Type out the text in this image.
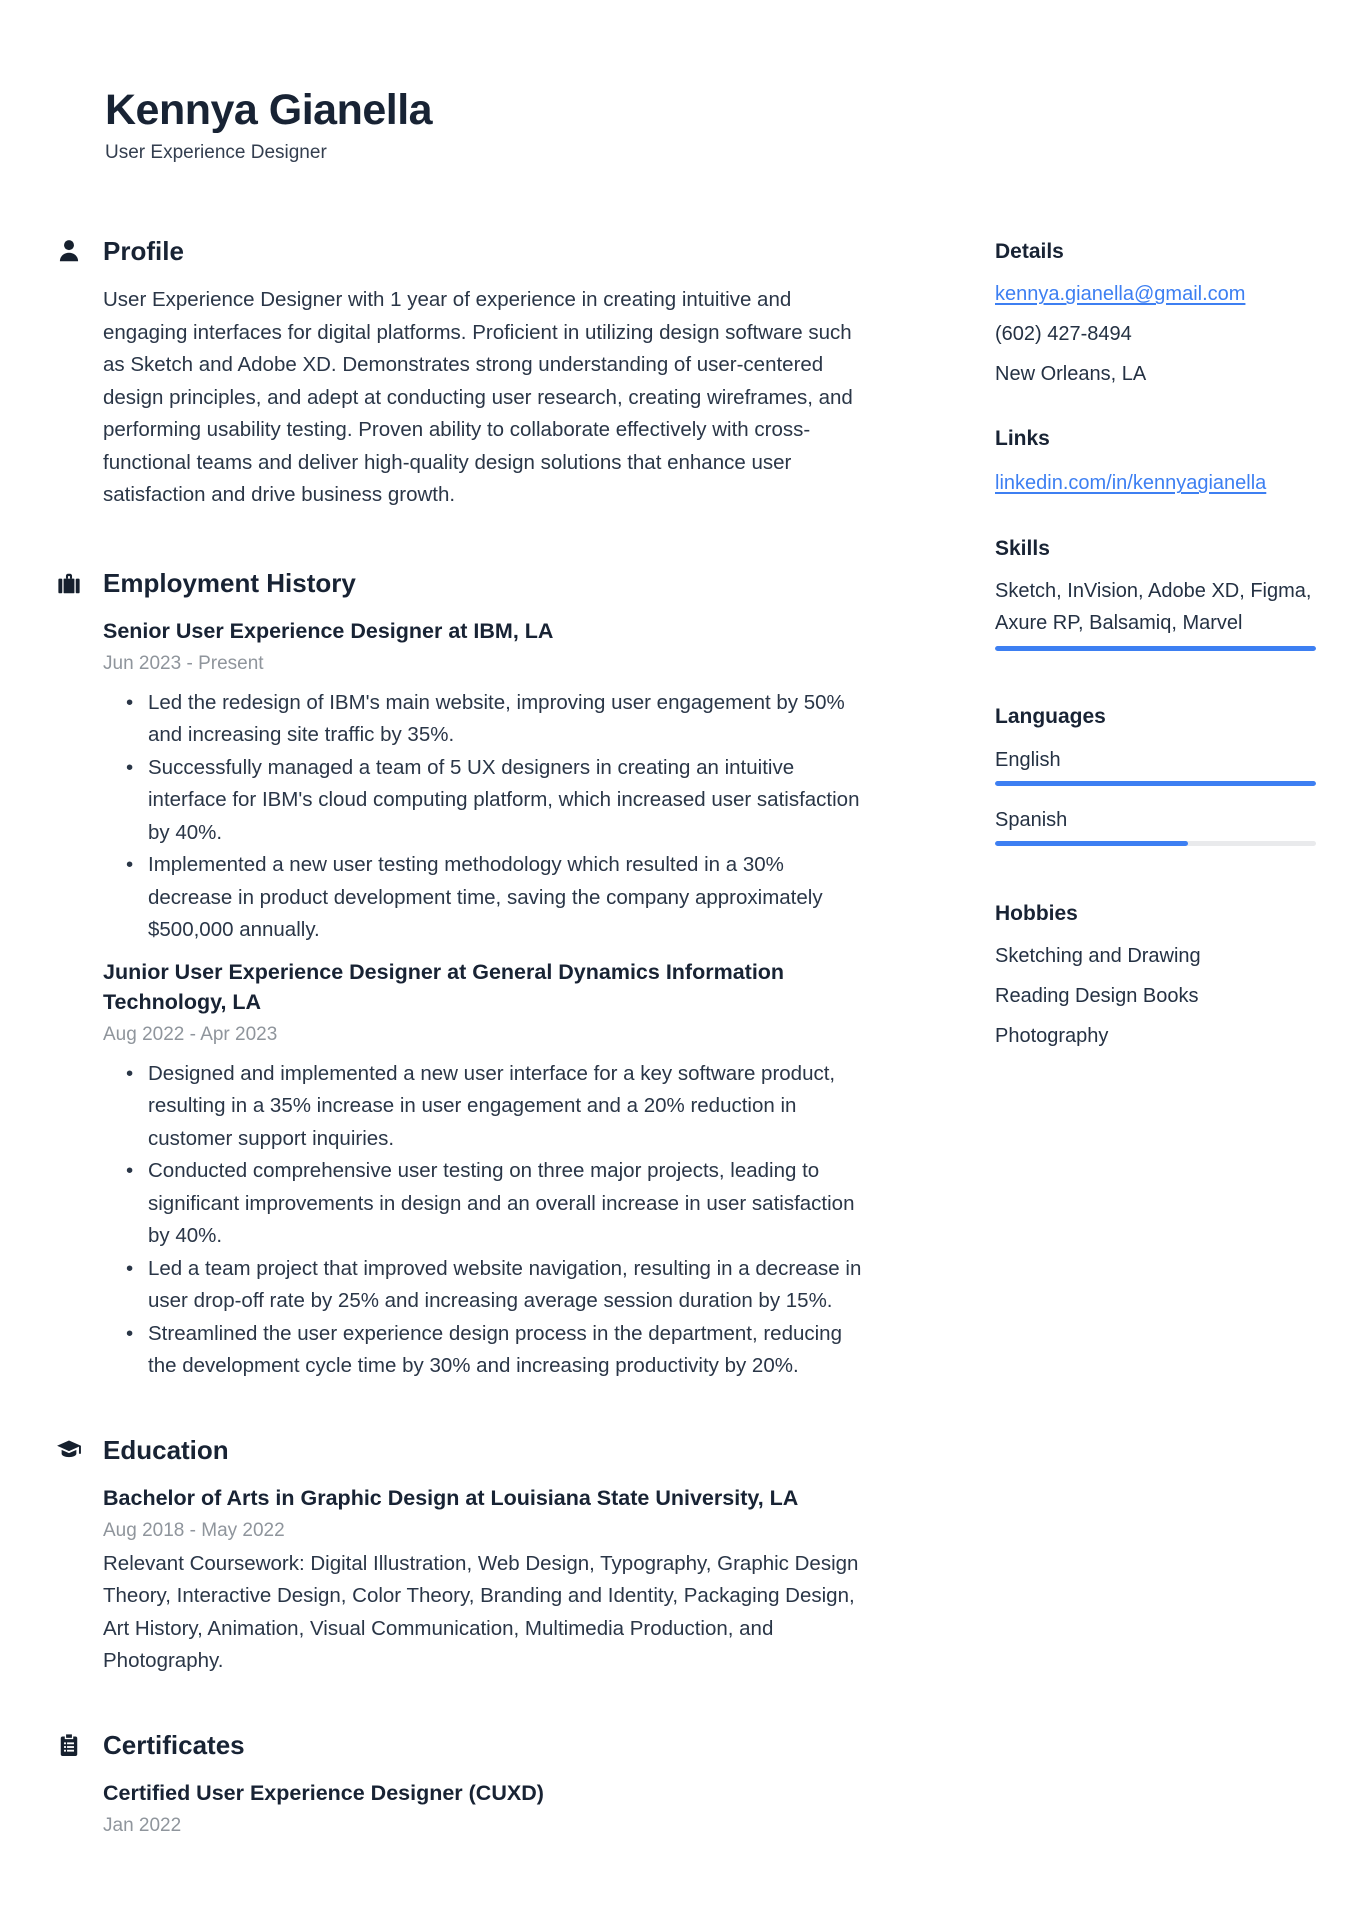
Kennya Gianella
User Experience Designer
Profile

User Experience Designer with 1 year of experience in creating intuitive and engaging interfaces for digital platforms. Proficient in utilizing design software such as Sketch and Adobe XD. Demonstrates strong understanding of user-centered design principles, and adept at conducting user research, creating wireframes, and performing usability testing. Proven ability to collaborate effectively with cross-functional teams and deliver high-quality design solutions that enhance user satisfaction and drive business growth.

Employment History
Senior User Experience Designer at IBM, LA
Jun 2023 - Present
• Led the redesign of IBM's main website, improving user engagement by 50% and increasing site traffic by 35%.
• Successfully managed a team of 5 UX designers in creating an intuitive interface for IBM's cloud computing platform, which increased user satisfaction by 40%.
• Implemented a new user testing methodology which resulted in a 30% decrease in product development time, saving the company approximately $500,000 annually.
Junior User Experience Designer at General Dynamics Information Technology, LA
Aug 2022 - Apr 2023
• Designed and implemented a new user interface for a key software product, resulting in a 35% increase in user engagement and a 20% reduction in customer support inquiries.
• Conducted comprehensive user testing on three major projects, leading to significant improvements in design and an overall increase in user satisfaction by 40%.
• Led a team project that improved website navigation, resulting in a decrease in user drop-off rate by 25% and increasing average session duration by 15%.
• Streamlined the user experience design process in the department, reducing the development cycle time by 30% and increasing productivity by 20%.
Education
Bachelor of Arts in Graphic Design at Louisiana State University, LA
Aug 2018 - May 2022

Relevant Coursework: Digital Illustration, Web Design, Typography, Graphic Design Theory, Interactive Design, Color Theory, Branding and Identity, Packaging Design, Art History, Animation, Visual Communication, Multimedia Production, and Photography.

Certificates
Certified User Experience Designer (CUXD)
Jan 2022
Details
kennya.gianella@gmail.com
(602) 427-8494
New Orleans, LA
Links
linkedin.com/in/kennyagianella
Skills
Sketch, InVision, Adobe XD, Figma, Axure RP, Balsamiq, Marvel
Languages
English
Spanish
Hobbies
Sketching and Drawing
Reading Design Books
Photography
